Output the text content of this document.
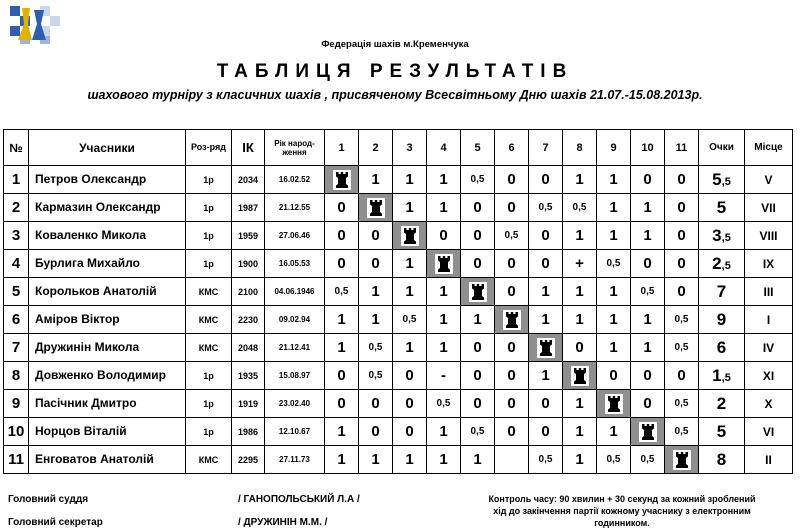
Федерація шахів м.Кременчука
ТАБЛИЦЯ РЕЗУЛЬТАТІВ
шахового турніру з класичних шахів , присвяченому Всесвітньому Дню шахів 21.07.-15.08.2013р.
№	Учасники	Роз-ряд	ІК	Рік народ-ження	1	2	3	4	5	6	7	8	9	10	11	Очки	Місце
1	Петров Олександр	1р	2034	16.02.52		1	1	1	0,5	0	0	1	1	0	0	5,5	V
2	Кармазин Олександр	1р	1987	21.12.55	0		1	1	0	0	0,5	0,5	1	1	0	5	VII
3	Коваленко Микола	1р	1959	27.06.46	0	0		0	0	0,5	0	1	1	1	0	3,5	VIII
4	Бурлига Михайло	1р	1900	16.05.53	0	0	1		0	0	0	+	0,5	0	0	2,5	IX
5	Корольков Анатолій	КМС	2100	04.06.1946	0,5	1	1	1		0	1	1	1	0,5	0	7	III
6	Аміров Віктор	КМС	2230	09.02.94	1	1	0,5	1	1		1	1	1	1	0,5	9	I
7	Дружинін Микола	КМС	2048	21.12.41	1	0,5	1	1	0	0		0	1	1	0,5	6	IV
8	Довженко Володимир	1р	1935	15.08.97	0	0,5	0	-	0	0	1		0	0	0	1,5	XI
9	Пасічник Дмитро	1р	1919	23.02.40	0	0	0	0,5	0	0	0	1		0	0,5	2	X
10	Норцов Віталій	1р	1986	12.10.67	1	0	0	1	0,5	0	0	1	1		0,5	5	VI
11	Енговатов Анатолій	КМС	2295	27.11.73	1	1	1	1	1		0,5	1	0,5	0,5		8	II
Головний суддя	/ ГАНОПОЛЬСЬКИЙ Л.А /
Головний секретар	/ ДРУЖИНІН М.М. /
Контроль часу: 90 хвилин + 30 секунд за кожний зроблений
хід до закінчення партії кожному учаснику з електронним
годинником.
